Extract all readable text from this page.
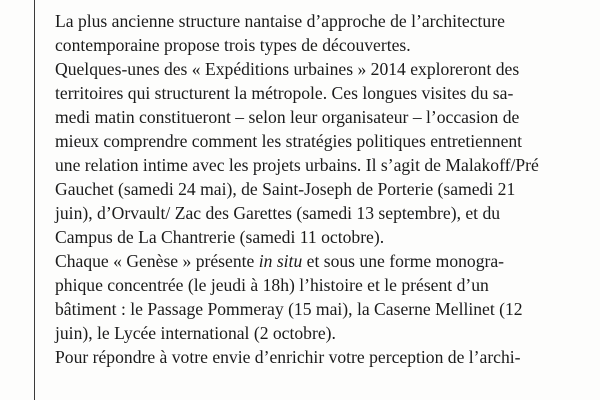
La plus ancienne structure nantaise d’approche de l’architecture
contemporaine propose trois types de découvertes.
Quelques-unes des « Expéditions urbaines » 2014 exploreront des
territoires qui structurent la métropole. Ces longues visites du sa-
medi matin constitueront – selon leur organisateur – l’occasion de
mieux comprendre comment les stratégies politiques entretiennent
une relation intime avec les projets urbains. Il s’agit de Malakoff/Pré
Gauchet (samedi 24 mai), de Saint-Joseph de Porterie (samedi 21
juin), d’Orvault/ Zac des Garettes (samedi 13 septembre), et du
Campus de La Chantrerie (samedi 11 octobre).
Chaque « Genèse » présente in situ et sous une forme monogra-
phique concentrée (le jeudi à 18h) l’histoire et le présent d’un
bâtiment : le Passage Pommeray (15 mai), la Caserne Mellinet (12
juin), le Lycée international (2 octobre).
Pour répondre à votre envie d’enrichir votre perception de l’archi-
